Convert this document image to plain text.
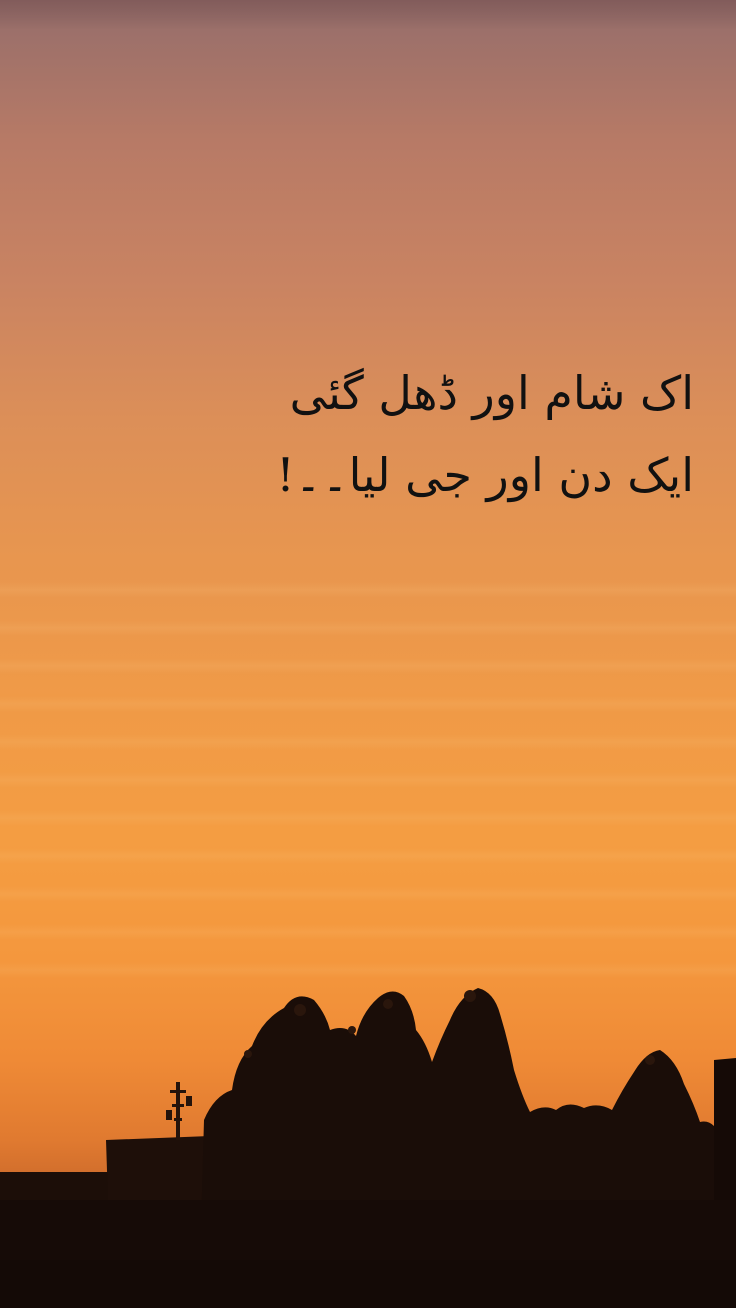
اک شام اور ڈھل گئی
ایک دن اور جی لیا۔۔!
